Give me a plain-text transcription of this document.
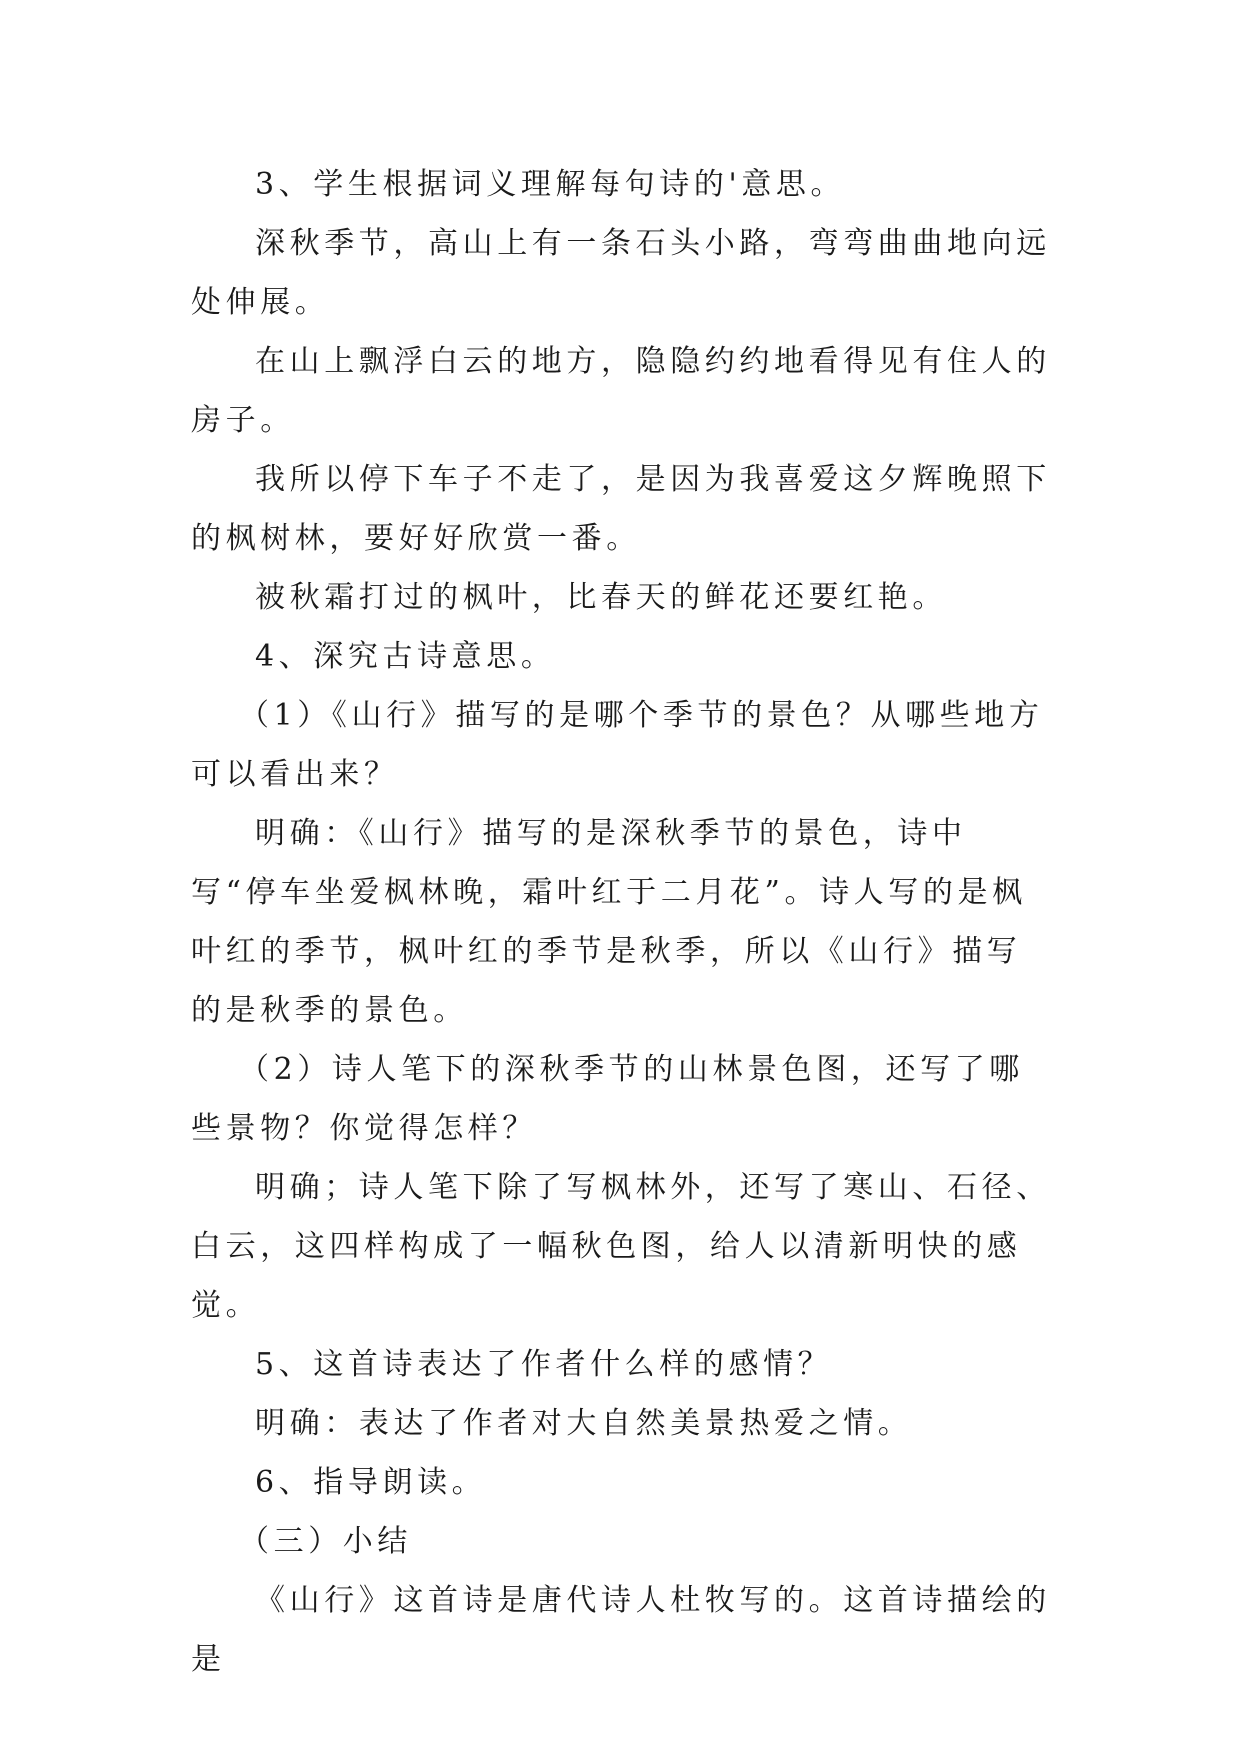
3、学生根据词义理解每句诗的'意思。

深秋季节，高山上有一条石头小路，弯弯曲曲地向远处伸展。

在山上飘浮白云的地方，隐隐约约地看得见有住人的房子。

我所以停下车子不走了，是因为我喜爱这夕辉晚照下的枫树林，要好好欣赏一番。

被秋霜打过的枫叶，比春天的鲜花还要红艳。

4、深究古诗意思。

（1）《山行》描写的是哪个季节的景色？从哪些地方可以看出来？

明确：《山行》描写的是深秋季节的景色，诗中写“停车坐爱枫林晚，霜叶红于二月花”。诗人写的是枫叶红的季节，枫叶红的季节是秋季，所以《山行》描写的是秋季的景色。

（2）诗人笔下的深秋季节的山林景色图，还写了哪些景物？你觉得怎样？

明确；诗人笔下除了写枫林外，还写了寒山、石径、白云，这四样构成了一幅秋色图，给人以清新明快的感觉。

5、这首诗表达了作者什么样的感情？

明确：表达了作者对大自然美景热爱之情。

6、指导朗读。

（三）小结

《山行》这首诗是唐代诗人杜牧写的。这首诗描绘的是
